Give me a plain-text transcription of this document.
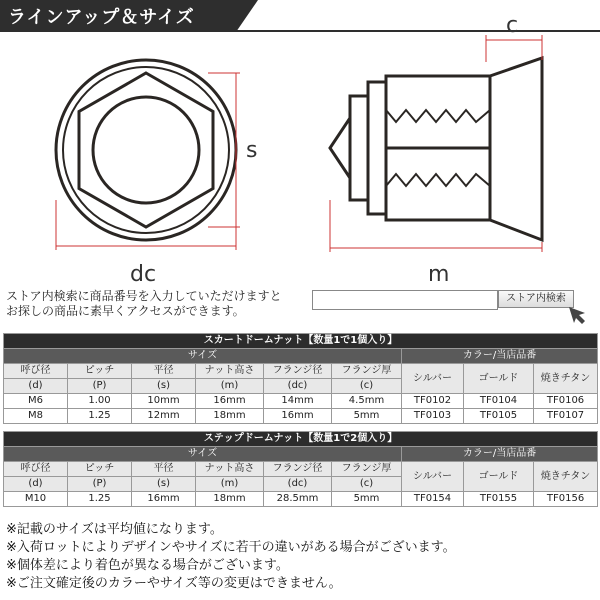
ラインアップ＆サイズ
s
dc
c
m
ストア内検索に商品番号を入力していただけますと
お探しの商品に素早くアクセスができます。
ストア内検索
スカートドームナット【数量1で1個入り】								
サイズ						カラー/当店品番		
呼び径	ピッチ	平径	ナット高さ	フランジ径	フランジ厚	シルバー	ゴールド	焼きチタン
(d)	(P)	(s)	(m)	(dc)	(c)			
M6	1.00	10mm	16mm	14mm	4.5mm	TF0102	TF0104	TF0106
M8	1.25	12mm	18mm	16mm	5mm	TF0103	TF0105	TF0107
ステップドームナット【数量1で2個入り】								
サイズ						カラー/当店品番		
呼び径	ピッチ	平径	ナット高さ	フランジ径	フランジ厚	シルバー	ゴールド	焼きチタン
(d)	(P)	(s)	(m)	(dc)	(c)			
M10	1.25	16mm	18mm	28.5mm	5mm	TF0154	TF0155	TF0156
※記載のサイズは平均値になります。
※入荷ロットによりデザインやサイズに若干の違いがある場合がございます。
※個体差により着色が異なる場合がございます。
※ご注文確定後のカラーやサイズ等の変更はできません。
